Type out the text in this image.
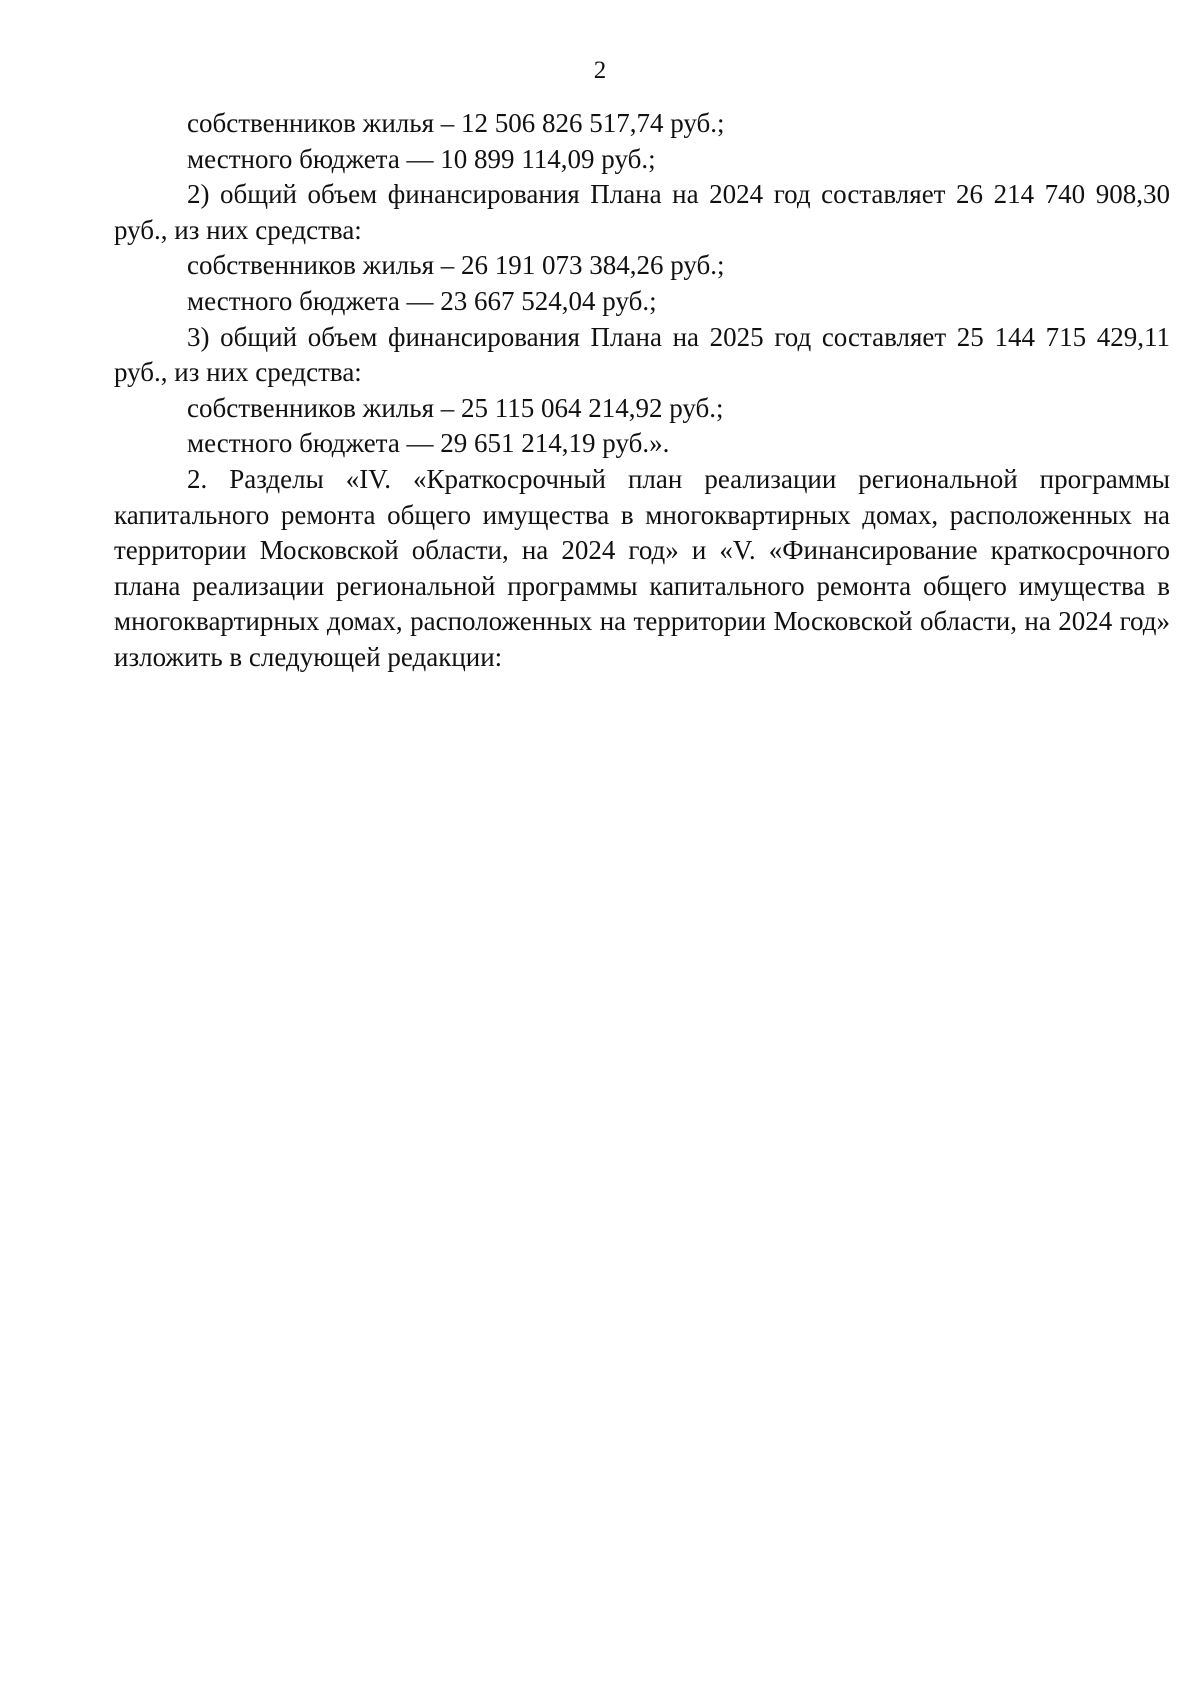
2
собственников жилья – 12 506 826 517,74 руб.;
местного бюджета — 10 899 114,09 руб.;
2) общий объем финансирования Плана на 2024 год составляет 26 214 740 908,30 руб., из них средства:
собственников жилья – 26 191 073 384,26 руб.;
местного бюджета — 23 667 524,04 руб.;
3) общий объем финансирования Плана на 2025 год составляет 25 144 715 429,11 руб., из них средства:
собственников жилья – 25 115 064 214,92 руб.;
местного бюджета — 29 651 214,19 руб.».
2. Разделы «IV. «Краткосрочный план реализации региональной программы капитального ремонта общего имущества в многоквартирных домах, расположенных на территории Московской области, на 2024 год» и «V. «Финансирование краткосрочного плана реализации региональной программы капитального ремонта общего имущества в многоквартирных домах, расположенных на территории Московской области, на 2024 год» изложить в следующей редакции:
